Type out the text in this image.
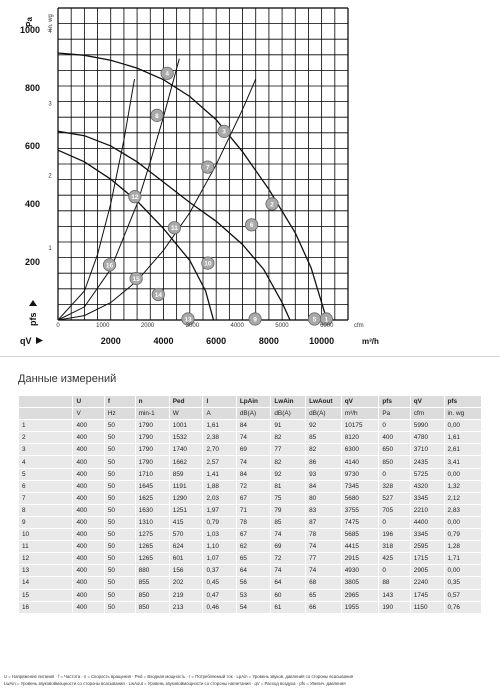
1
2
3
4
5
6
7
8
9
10
11
12
13
14
15
16
200
400
600
800
1000
1
2
3
4
Pa in. wg
pfs	0	1000	2000	3000	4000	5000	6000	cfm
2000	4000	6000	8000	10000	m³/h
qV
Данные измерений
	U	f	n	Ped	I	LpAin	LwAin	LwAout	qV	pfs	qV	pfs
	V	Hz	min-1	W	A	dB(A)	dB(A)	dB(A)	m³/h	Pa	cfm	in. wg
1	400	50	1790	1001	1,61	84	91	92	10175	0	5990	0,00
2	400	50	1790	1532	2,38	74	82	85	8120	400	4780	1,61
3	400	50	1790	1740	2,70	69	77	82	6300	650	3710	2,61
4	400	50	1790	1662	2,57	74	82	86	4140	850	2435	3,41
5	400	50	1710	859	1,41	84	92	93	9730	0	5725	0,00
6	400	50	1645	1191	1,88	72	81	84	7345	328	4320	1,32
7	400	50	1625	1290	2,03	67	75	80	5680	527	3345	2,12
8	400	50	1630	1251	1,97	71	79	83	3755	705	2210	2,83
9	400	50	1310	415	0,79	78	85	87	7475	0	4400	0,00
10	400	50	1275	570	1,03	67	74	78	5685	196	3345	0,79
11	400	50	1265	624	1,10	62	69	74	4415	318	2595	1,28
12	400	50	1265	601	1,07	65	72	77	2915	425	1715	1,71
13	400	50	880	156	0,37	64	74	74	4930	0	2905	0,00
14	400	50	855	202	0,45	56	64	68	3805	88	2240	0,35
15	400	50	850	219	0,47	53	60	65	2965	143	1745	0,57
16	400	50	850	213	0,46	54	61	66	1955	190	1150	0,76
U = Напряжение питания · f = Частота · n = Скорость вращения · Ped = Входная мощность · I = Потребляемый ток · LpAin = Уровень звуков. давления со стороны всасывания
LwAin = Уровень звуковоймощности со стороны всасывания · LwAout = Уровень звуковоймощности со стороны нагнетания · qV = Расход воздуха · pfs = Увелич. давления
